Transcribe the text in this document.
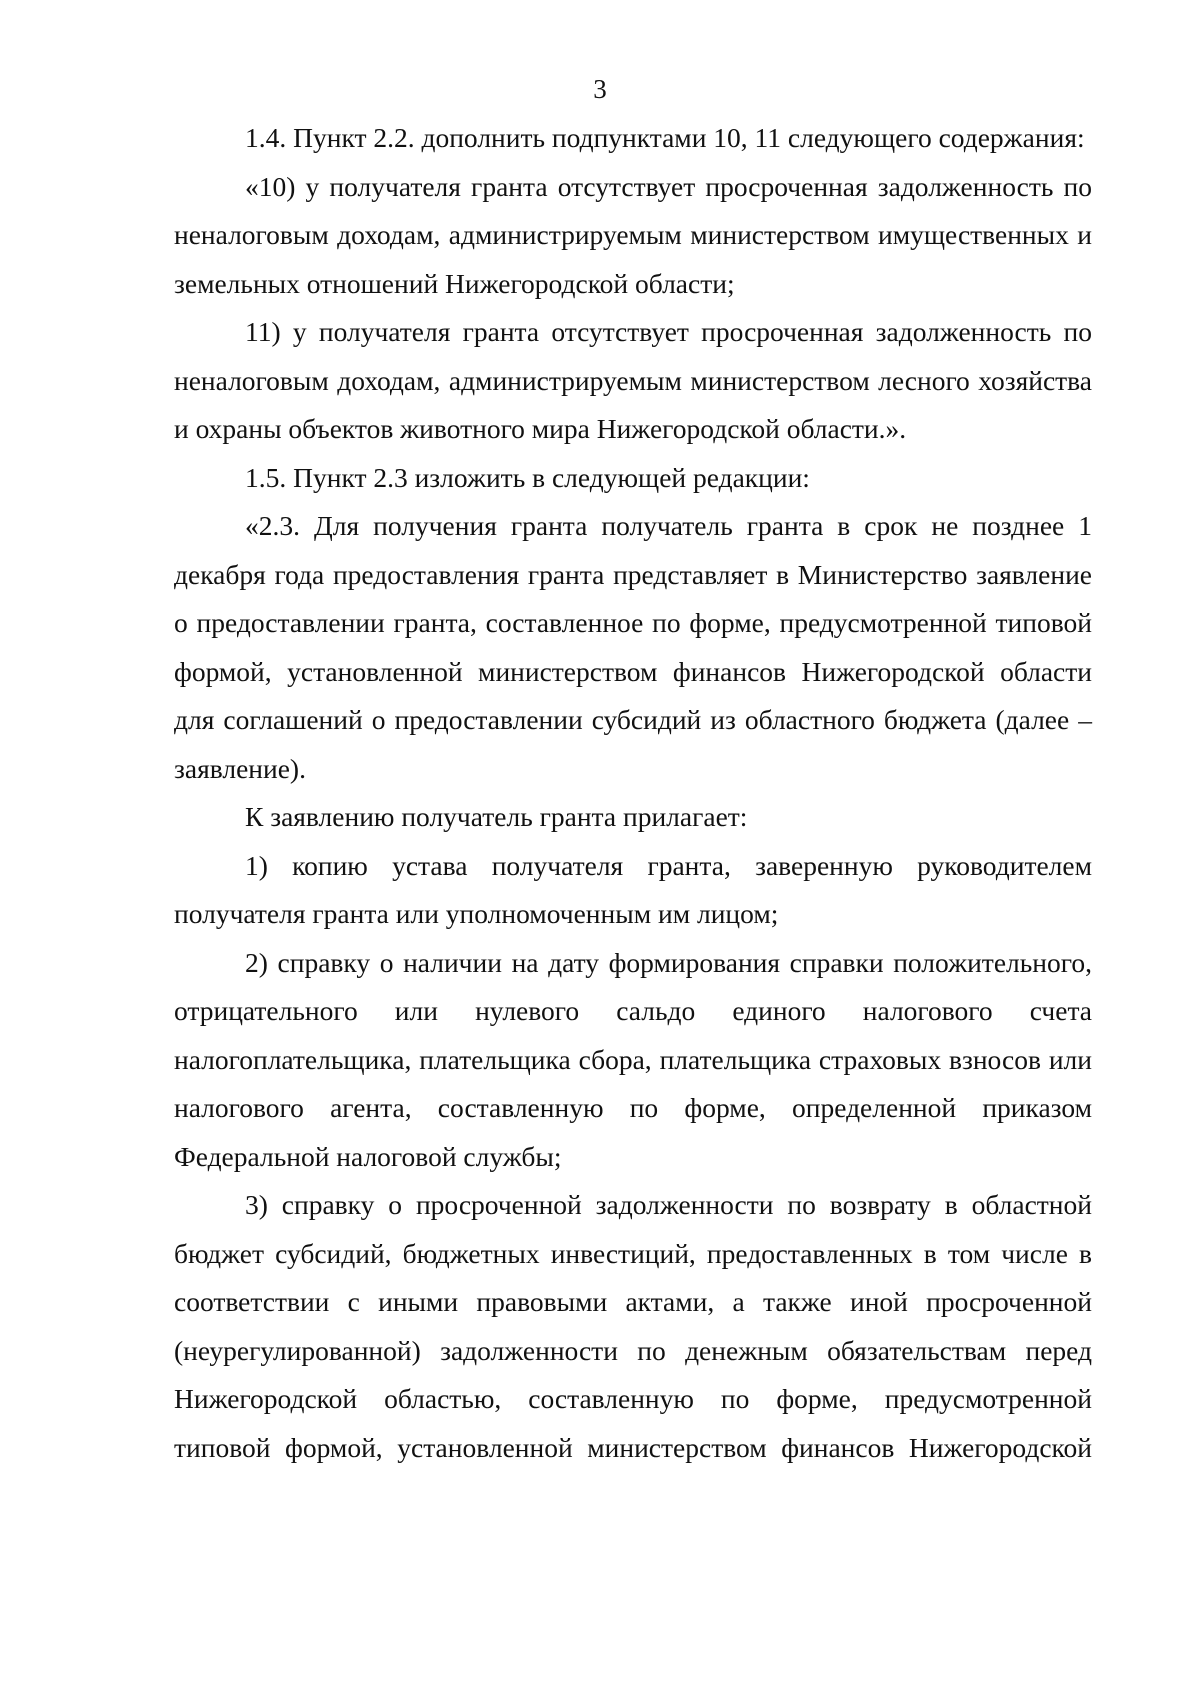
3

1.4. Пункт 2.2. дополнить подпунктами 10, 11 следующего содержания:

«10) у получателя гранта отсутствует просроченная задолженность по неналоговым доходам, администрируемым министерством имущественных и земельных отношений Нижегородской области;

11) у получателя гранта отсутствует просроченная задолженность по неналоговым доходам, администрируемым министерством лесного хозяйства и охраны объектов животного мира Нижегородской области.».

1.5. Пункт 2.3 изложить в следующей редакции:

«2.3. Для получения гранта получатель гранта в срок не позднее 1 декабря года предоставления гранта представляет в Министерство заявление о предоставлении гранта, составленное по форме, предусмотренной типовой формой, установленной министерством финансов Нижегородской области для соглашений о предоставлении субсидий из областного бюджета (далее – заявление).

К заявлению получатель гранта прилагает:

1) копию устава получателя гранта, заверенную руководителем получателя гранта или уполномоченным им лицом;

2) справку о наличии на дату формирования справки положительного, отрицательного или нулевого сальдо единого налогового счета налогоплательщика, плательщика сбора, плательщика страховых взносов или налогового агента, составленную по форме, определенной приказом Федеральной налоговой службы;

3) справку о просроченной задолженности по возврату в областной бюджет субсидий, бюджетных инвестиций, предоставленных в том числе в соответствии с иными правовыми актами, а также иной просроченной (неурегулированной) задолженности по денежным обязательствам перед Нижегородской областью, составленную по форме, предусмотренной типовой формой, установленной министерством финансов Нижегородской
